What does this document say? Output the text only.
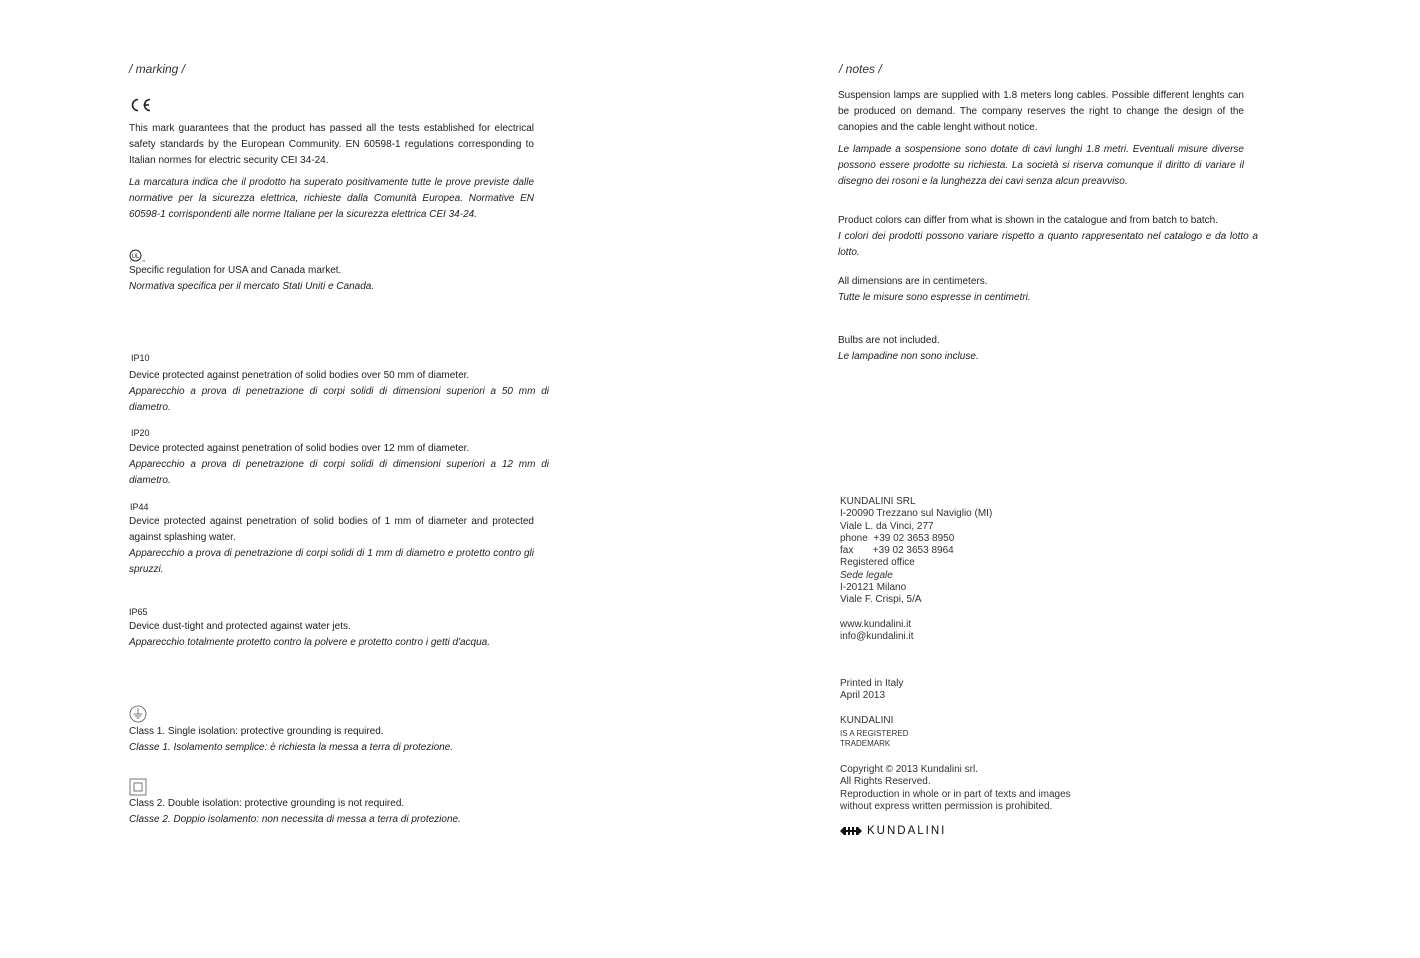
/ marking /

This mark guarantees that the product has passed all the tests established for electrical safety standards by the European Community. EN 60598-1 regulations corresponding to Italian normes for electric security CEI 34-24.

La marcatura indica che il prodotto ha superato positivamente tutte le prove previste dalle normative per la sicurezza elettrica, richieste dalla Comunità Europea. Normative EN 60598-1 corrispondenti alle norme Italiane per la sicurezza elettrica CEI 34-24.

UL
c	us

Specific regulation for USA and Canada market.

Normativa specifica per il mercato Stati Uniti e Canada.

IP10

Device protected against penetration of solid bodies over 50 mm of diameter.

Apparecchio a prova di penetrazione di corpi solidi di dimensioni superiori a 50 mm di diametro.

IP20

Device protected against penetration of solid bodies over 12 mm of diameter.

Apparecchio a prova di penetrazione di corpi solidi di dimensioni superiori a 12 mm di diametro.

IP44

Device protected against penetration of solid bodies of 1 mm of diameter and protected against splashing water.

Apparecchio a prova di penetrazione di corpi solidi di 1 mm di diametro e protetto contro gli spruzzi.

IP65

Device dust-tight and protected against water jets.

Apparecchio totalmente protetto contro la polvere e protetto contro i getti d'acqua.

Class 1. Single isolation: protective grounding is required.

Classe 1. Isolamento semplice: è richiesta la messa a terra di protezione.

Class 2. Double isolation: protective grounding is not required.

Classe 2. Doppio isolamento: non necessita di messa a terra di protezione.

/ notes /

Suspension lamps are supplied with 1.8 meters long cables. Possible different lenghts can be produced on demand. The company reserves the right to change the design of the canopies and the cable lenght without notice.

Le lampade a sospensione sono dotate di cavi lunghi 1.8 metri. Eventuali misure diverse possono essere prodotte su richiesta. La società si riserva comunque il diritto di variare il disegno dei rosoni e la lunghezza dei cavi senza alcun preavviso.

Product colors can differ from what is shown in the catalogue and from batch to batch.

I colori dei prodotti possono variare rispetto a quanto rappresentato nel catalogo e da lotto a lotto.

All dimensions are in centimeters.

Tutte le misure sono espresse in centimetri.

Bulbs are not included.

Le lampadine non sono incluse.

KUNDALINI SRL
I-20090 Trezzano sul Naviglio (MI)
Viale L. da Vinci, 277
phone  +39 02 3653 8950
fax       +39 02 3653 8964
Registered office
Sede legale
I-20121 Milano
Viale F. Crispi, 5/A
www.kundalini.it
info@kundalini.it
Printed in Italy
April 2013
KUNDALINI
IS A REGISTERED
TRADEMARK
Copyright © 2013 Kundalini srl.
All Rights Reserved.
Reproduction in whole or in part of texts and images
without express written permission is prohibited.
KUNDALINI
